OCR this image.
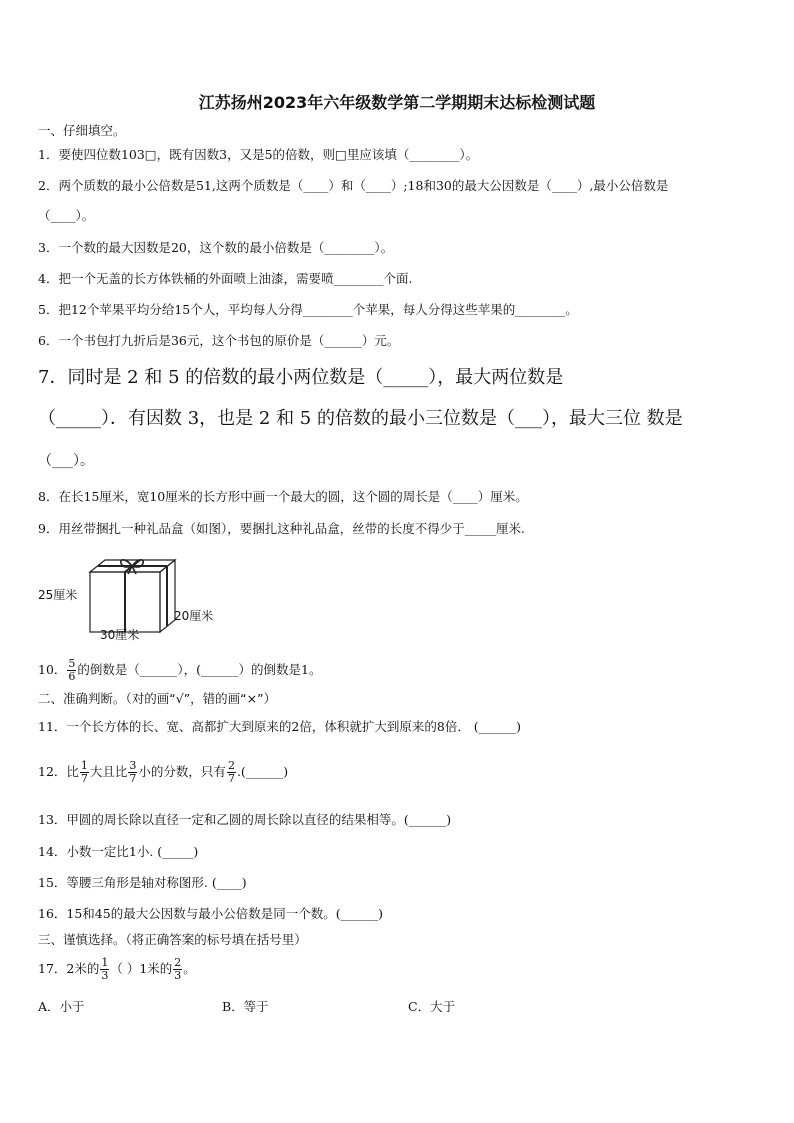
江苏扬州2023年六年级数学第二学期期末达标检测试题
一、仔细填空。
1．要使四位数103□，既有因数3，又是5的倍数，则□里应该填（________）。
2．两个质数的最小公倍数是51,这两个质数是（____）和（____）;18和30的最大公因数是（____）,最小公倍数是
（____）。
3．一个数的最大因数是20，这个数的最小倍数是（________）。
4．把一个无盖的长方体铁桶的外面喷上油漆，需要喷________个面.
5．把12个苹果平均分给15个人，平均每人分得________个苹果，每人分得这些苹果的________。
6．一个书包打九折后是36元，这个书包的原价是（______）元。
7．同时是 2 和 5 的倍数的最小两位数是（_____），最大两位数是
（_____）．有因数 3，也是 2 和 5 的倍数的最小三位数是（___），最大三位 数是
（___）。
8．在长15厘米，宽10厘米的长方形中画一个最大的圆，这个圆的周长是（____）厘米。
9．用丝带捆扎一种礼品盒（如图），要捆扎这种礼品盒，丝带的长度不得少于_____厘米.
25厘米
20厘米
30厘米
10． $\frac{5}{6}$ 的倒数是（______），(______）的倒数是1。
二、准确判断。（对的画“√”，错的画“×”）
11．一个长方体的长、宽、高都扩大到原来的2倍，体积就扩大到原来的8倍． (______)
12．比 $\frac{1}{7}$ 大且比 $\frac{3}{7}$ 小的分数，只有 $\frac{2}{7}$ .(______)
13．甲圆的周长除以直径一定和乙圆的周长除以直径的结果相等。(______)
14．小数一定比1小. (_____)
15．等腰三角形是轴对称图形. (____)
16．15和45的最大公因数与最小公倍数是同一个数。(______)
三、谨慎选择。（将正确答案的标号填在括号里）
17．2米的 $\frac{1}{3}$ （ ）1米的 $\frac{2}{3}$ 。
A．小于	B．等于	C．大于
